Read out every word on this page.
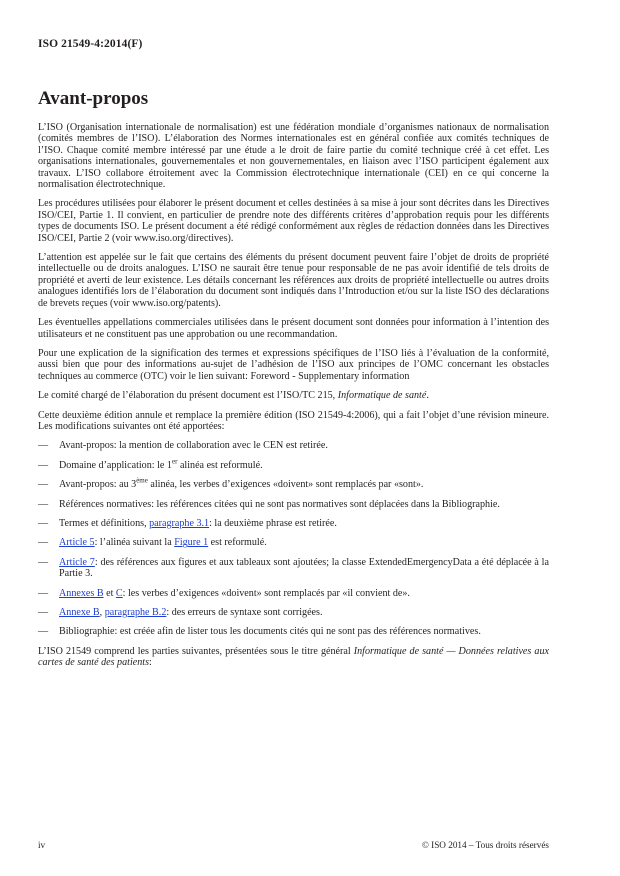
ISO 21549-4:2014(F)
Avant-propos

L’ISO (Organisation internationale de normalisation) est une fédération mondiale d’organismes nationaux de normalisation (comités membres de l’ISO). L’élaboration des Normes internationales est en général confiée aux comités techniques de l’ISO. Chaque comité membre intéressé par une étude a le droit de faire partie du comité technique créé à cet effet. Les organisations internationales, gouvernementales et non gouvernementales, en liaison avec l’ISO participent également aux travaux. L’ISO collabore étroitement avec la Commission électrotechnique internationale (CEI) en ce qui concerne la normalisation électrotechnique.

Les procédures utilisées pour élaborer le présent document et celles destinées à sa mise à jour sont décrites dans les Directives ISO/CEI, Partie 1. Il convient, en particulier de prendre note des différents critères d’approbation requis pour les différents types de documents ISO. Le présent document a été rédigé conformément aux règles de rédaction données dans les Directives ISO/CEI, Partie 2 (voir www.iso.org/directives).

L’attention est appelée sur le fait que certains des éléments du présent document peuvent faire l’objet de droits de propriété intellectuelle ou de droits analogues. L’ISO ne saurait être tenue pour responsable de ne pas avoir identifié de tels droits de propriété et averti de leur existence. Les détails concernant les références aux droits de propriété intellectuelle ou autres droits analogues identifiés lors de l’élaboration du document sont indiqués dans l’Introduction et/ou sur la liste ISO des déclarations de brevets reçues (voir www.iso.org/patents).

Les éventuelles appellations commerciales utilisées dans le présent document sont données pour information à l’intention des utilisateurs et ne constituent pas une approbation ou une recommandation.

Pour une explication de la signification des termes et expressions spécifiques de l’ISO liés à l’évaluation de la conformité, aussi bien que pour des informations au-sujet de l’adhésion de l’ISO aux principes de l’OMC concernant les obstacles techniques au commerce (OTC) voir le lien suivant: Foreword - Supplementary information

Le comité chargé de l’élaboration du présent document est l’ISO/TC 215, Informatique de santé.

Cette deuxième édition annule et remplace la première édition (ISO 21549-4:2006), qui a fait l’objet d’une révision mineure. Les modifications suivantes ont été apportées:

—	Avant-propos: la mention de collaboration avec le CEN est retirée.
—	Domaine d’application: le 1er alinéa est reformulé.
—	Avant-propos: au 3ème alinéa, les verbes d’exigences «doivent» sont remplacés par «sont».
—	Références normatives: les références citées qui ne sont pas normatives sont déplacées dans la Bibliographie.
—	Termes et définitions, paragraphe 3.1: la deuxième phrase est retirée.
—	Article 5: l’alinéa suivant la Figure 1 est reformulé.
—	Article 7: des références aux figures et aux tableaux sont ajoutées; la classe ExtendedEmergencyData a été déplacée à la Partie 3.
—	Annexes B et C: les verbes d’exigences «doivent» sont remplacés par «il convient de».
—	Annexe B, paragraphe B.2: des erreurs de syntaxe sont corrigées.
—	Bibliographie: est créée afin de lister tous les documents cités qui ne sont pas des références normatives.

L’ISO 21549 comprend les parties suivantes, présentées sous le titre général Informatique de santé — Données relatives aux cartes de santé des patients:

iv	© ISO 2014 – Tous droits réservés
